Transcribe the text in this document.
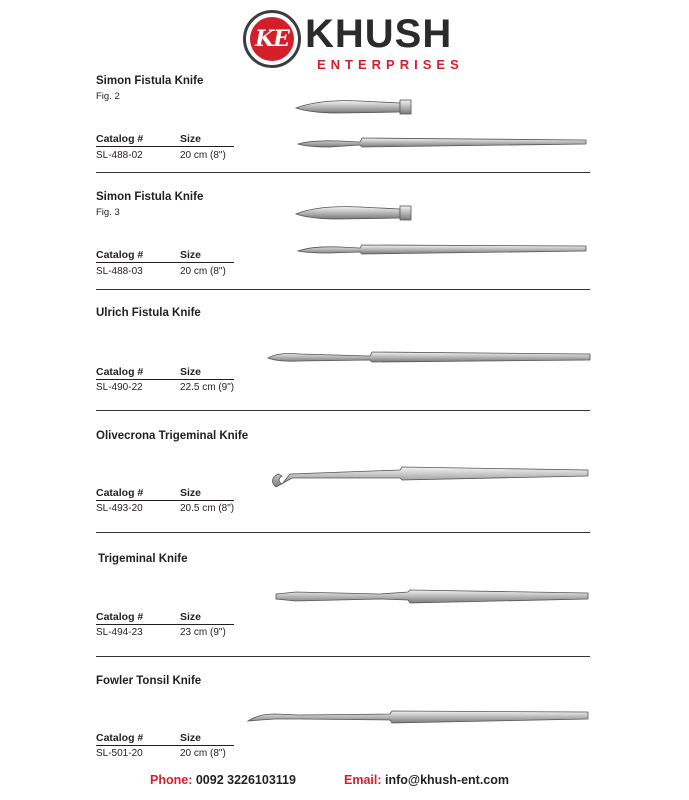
KE KHUSH
ENTERPRISES
Simon Fistula Knife
Fig. 2
Catalog #	Size
SL-488-02	20 cm (8")
Simon Fistula Knife
Fig. 3
Catalog #	Size
SL-488-03	20 cm (8")
Ulrich Fistula Knife
Catalog #	Size
SL-490-22	22.5 cm (9")
Olivecrona Trigeminal Knife
Catalog #	Size
SL-493-20	20.5 cm (8")
Trigeminal Knife
Catalog #	Size
SL-494-23	23 cm (9")
Fowler Tonsil Knife
Catalog #	Size
SL-501-20	20 cm (8")
Phone: 0092 3226103119	Email: info@khush-ent.com
